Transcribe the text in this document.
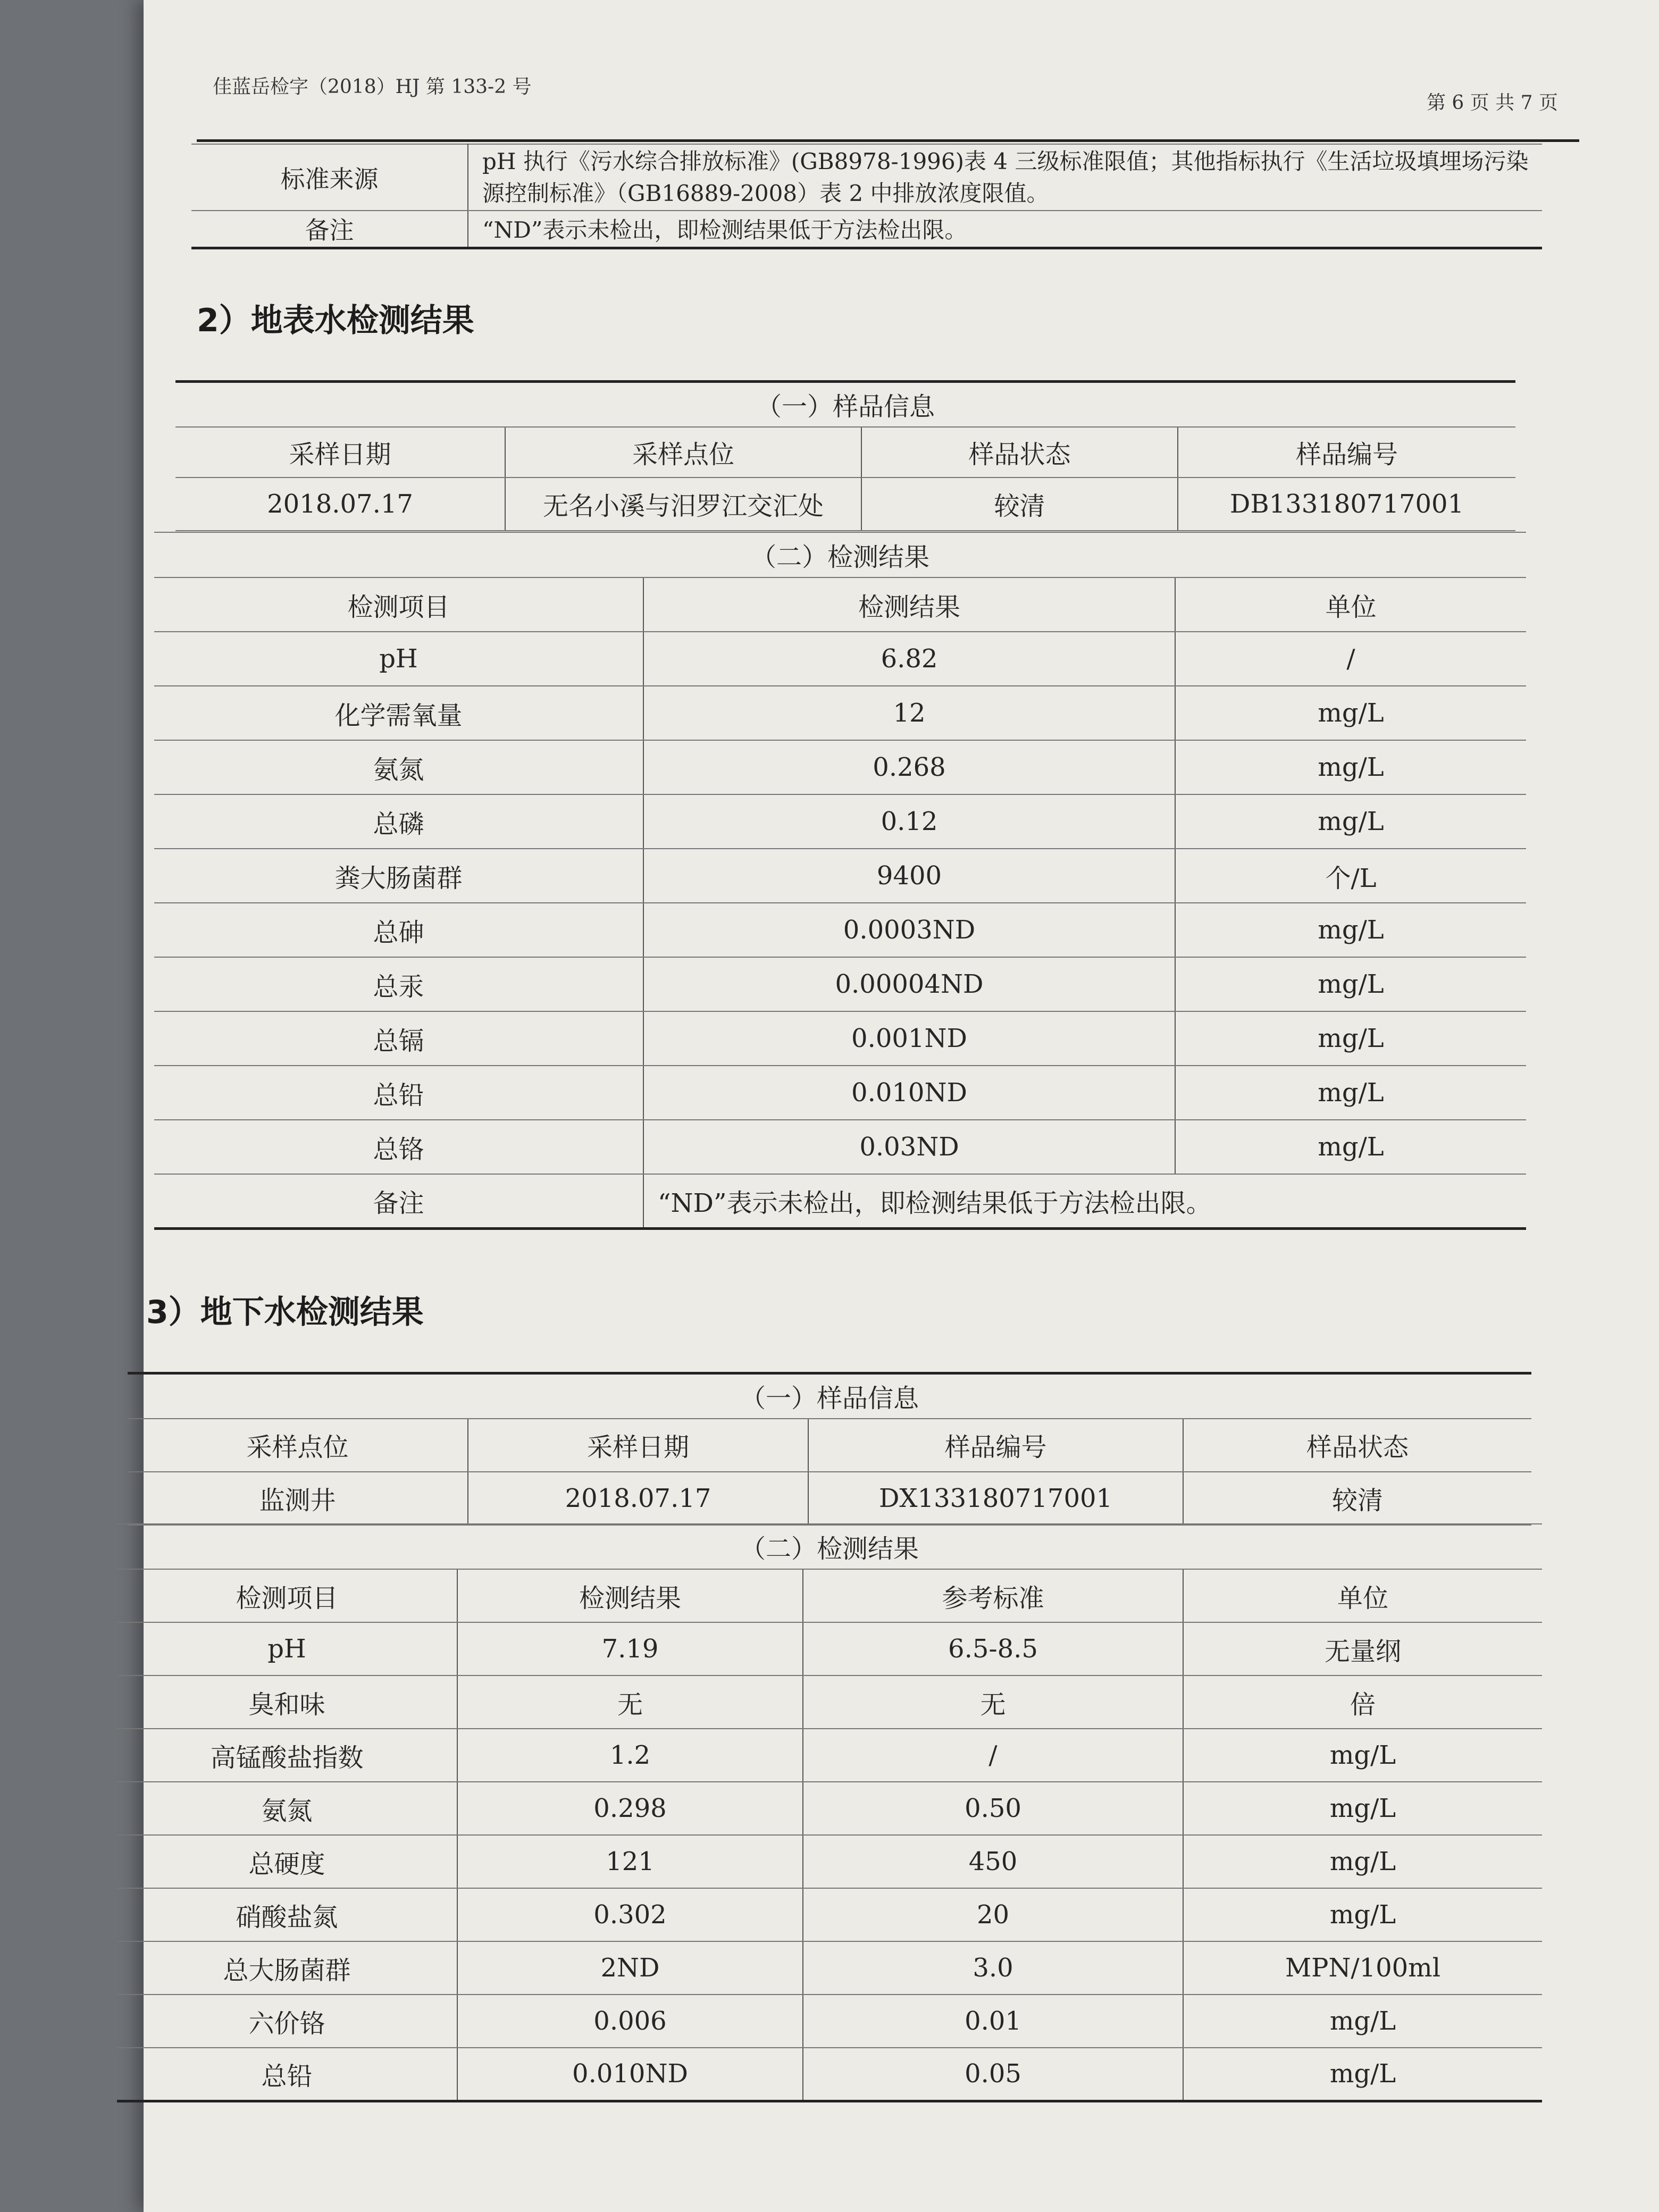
佳蓝岳检字（2018）HJ 第 133-2 号
第 6 页 共 7 页
标准来源	pH 执行《污水综合排放标准》(GB8978-1996)表 4 三级标准限值；其他指标执行《生活垃圾填埋场污染源控制标准》（GB16889-2008）表 2 中排放浓度限值。
备注	“ND”表示未检出，即检测结果低于方法检出限。
2）地表水检测结果
（一）样品信息			
采样日期	采样点位	样品状态	样品编号
2018.07.17	无名小溪与汨罗江交汇处	较清	DB133180717001
（二）检测结果		
检测项目	检测结果	单位
pH	6.82	/
化学需氧量	12	mg/L
氨氮	0.268	mg/L
总磷	0.12	mg/L
粪大肠菌群	9400	个/L
总砷	0.0003ND	mg/L
总汞	0.00004ND	mg/L
总镉	0.001ND	mg/L
总铅	0.010ND	mg/L
总铬	0.03ND	mg/L
备注	“ND”表示未检出，即检测结果低于方法检出限。	
3）地下水检测结果
（一）样品信息			
采样点位	采样日期	样品编号	样品状态
监测井	2018.07.17	DX133180717001	较清
（二）检测结果			
检测项目	检测结果	参考标准	单位
pH	7.19	6.5-8.5	无量纲
臭和味	无	无	倍
高锰酸盐指数	1.2	/	mg/L
氨氮	0.298	0.50	mg/L
总硬度	121	450	mg/L
硝酸盐氮	0.302	20	mg/L
总大肠菌群	2ND	3.0	MPN/100ml
六价铬	0.006	0.01	mg/L
总铅	0.010ND	0.05	mg/L
